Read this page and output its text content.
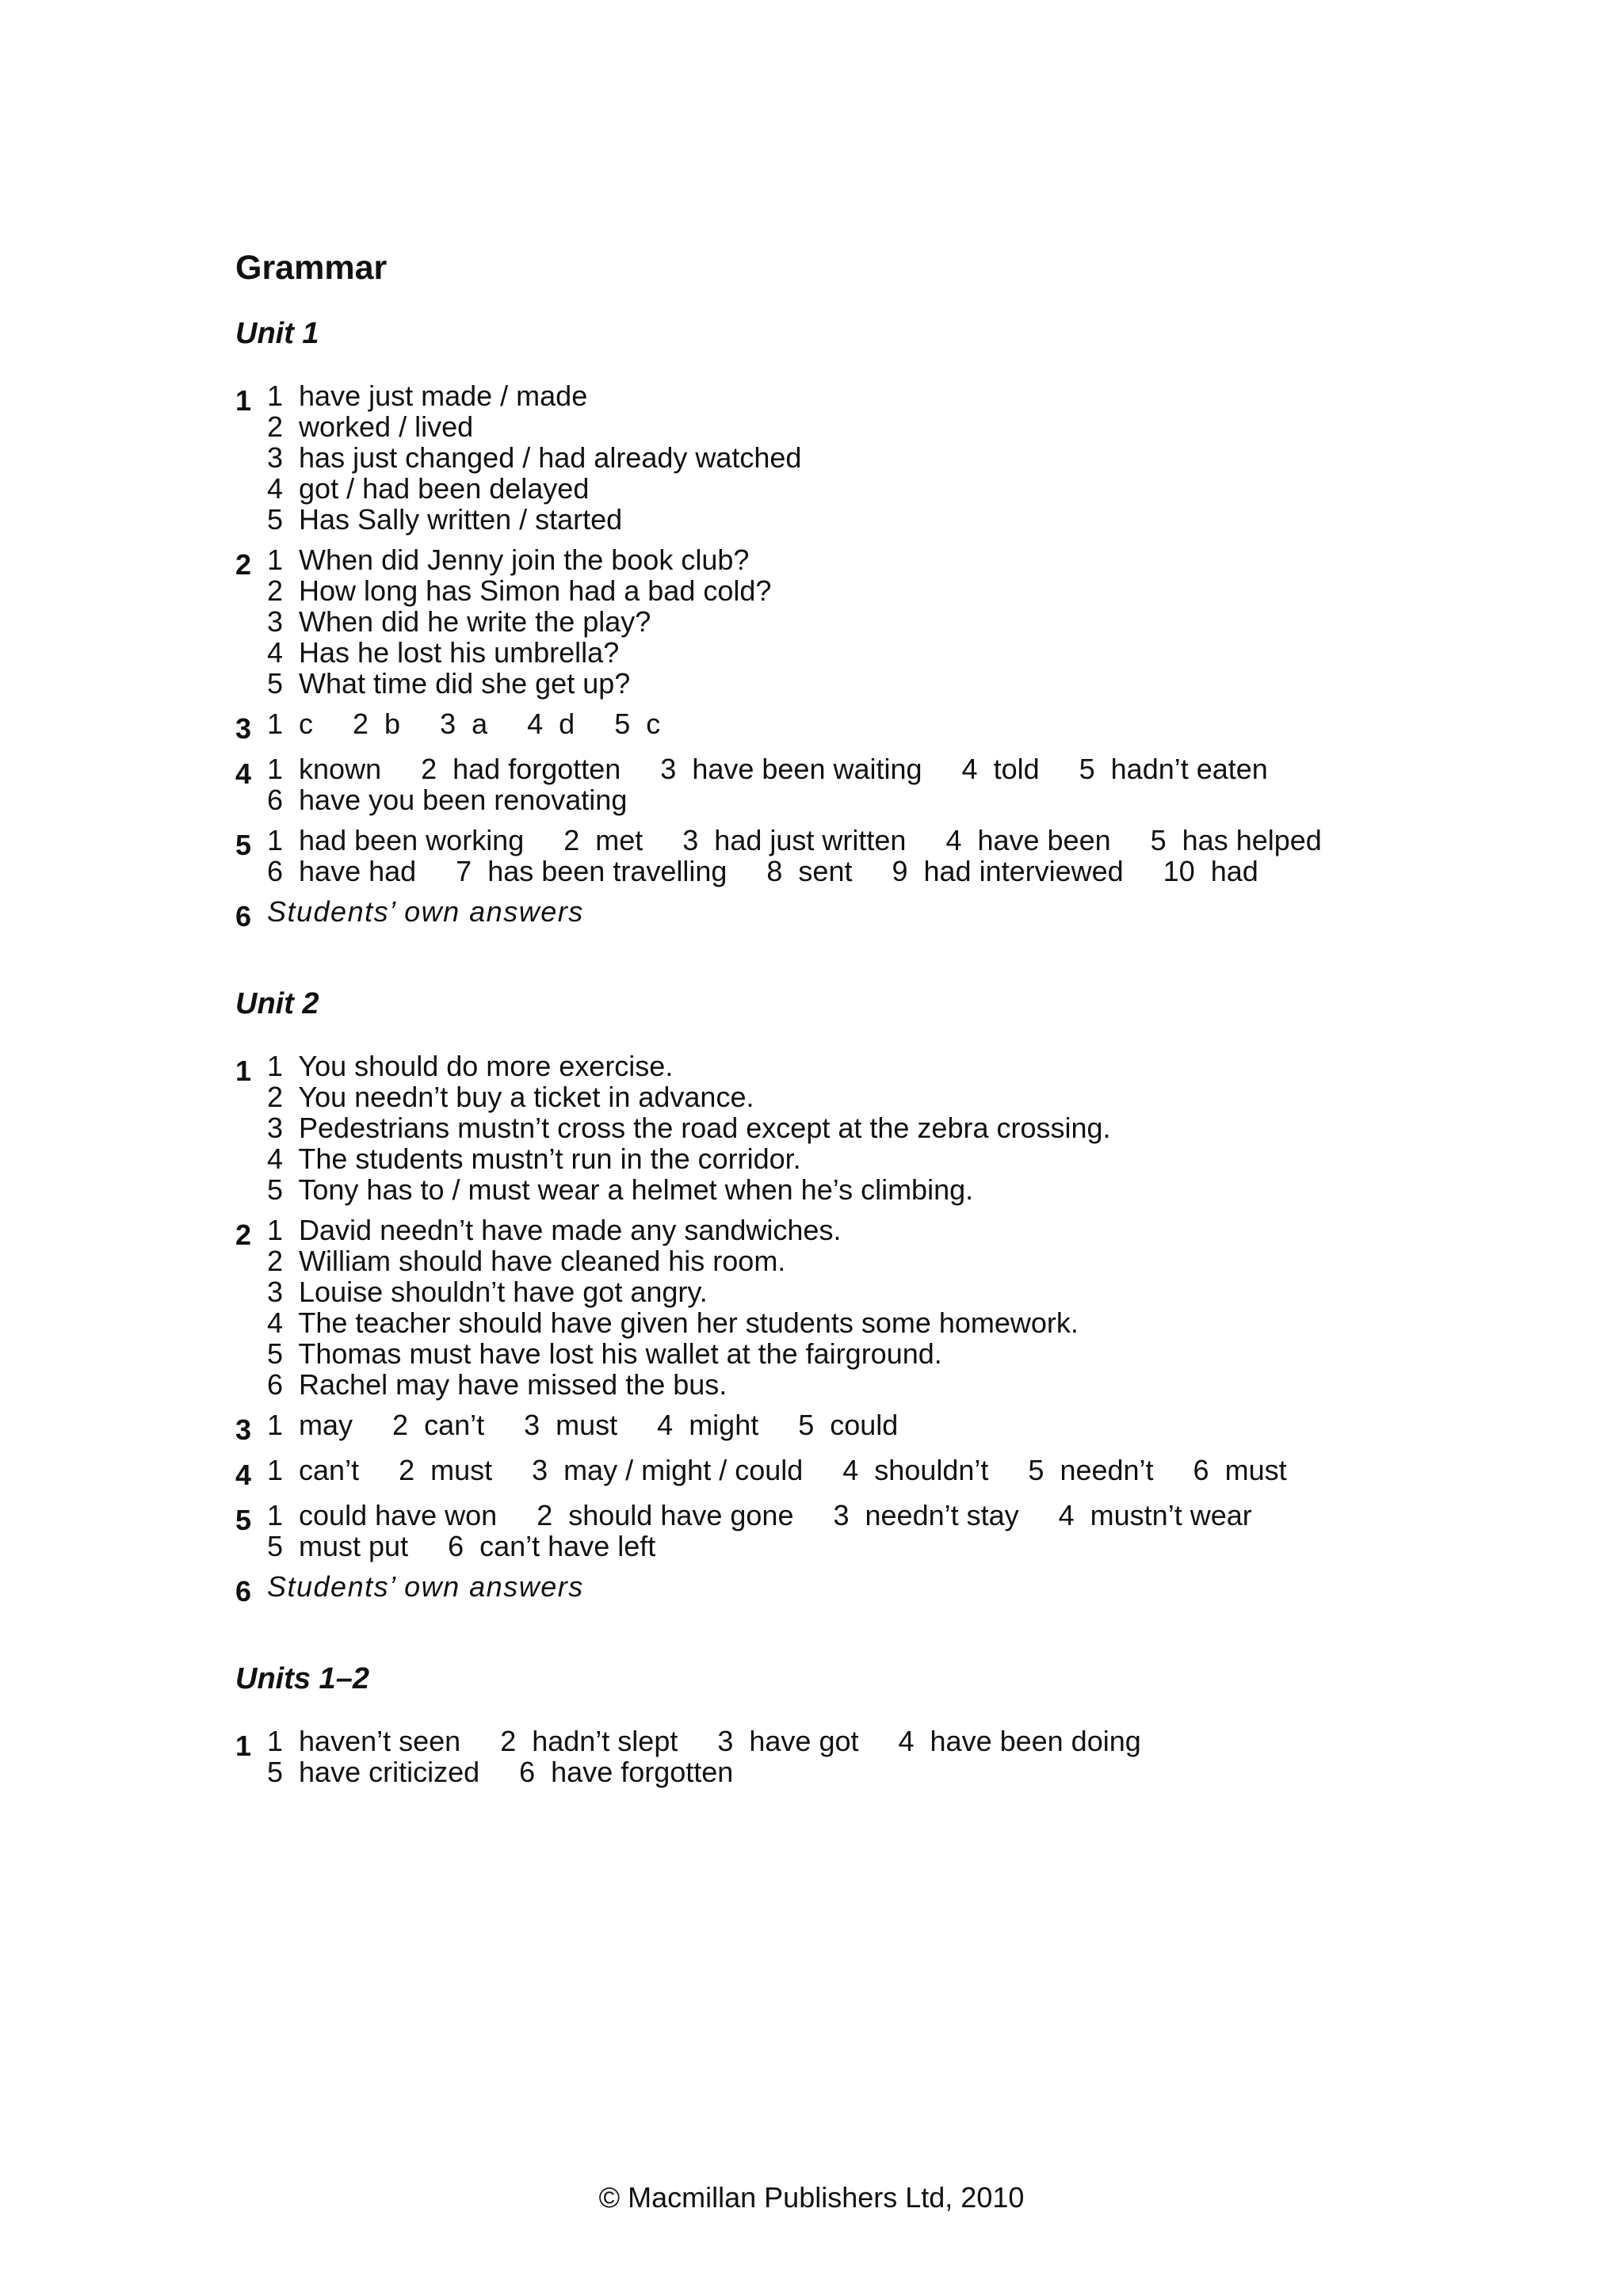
Grammar
Unit 1
1 1  have just made / made
2  worked / lived
3  has just changed / had already watched
4  got / had been delayed
5  Has Sally written / started
2 1  When did Jenny join the book club?
2  How long has Simon had a bad cold?
3  When did he write the play?
4  Has he lost his umbrella?
5  What time did she get up?
3 1  c     2  b     3  a     4  d     5  c
4 1  known     2  had forgotten     3  have been waiting     4  told     5  hadn’t eaten
6  have you been renovating
5 1  had been working     2  met     3  had just written     4  have been     5  has helped
6  have had     7  has been travelling     8  sent     9  had interviewed     10  had
6 Students’ own answers
Unit 2
1 1  You should do more exercise.
2  You needn’t buy a ticket in advance.
3  Pedestrians mustn’t cross the road except at the zebra crossing.
4  The students mustn’t run in the corridor.
5  Tony has to / must wear a helmet when he’s climbing.
2 1  David needn’t have made any sandwiches.
2  William should have cleaned his room.
3  Louise shouldn’t have got angry.
4  The teacher should have given her students some homework.
5  Thomas must have lost his wallet at the fairground.
6  Rachel may have missed the bus.
3 1  may     2  can’t     3  must     4  might     5  could
4 1  can’t     2  must     3  may / might / could     4  shouldn’t     5  needn’t     6  must
5 1  could have won     2  should have gone     3  needn’t stay     4  mustn’t wear
5  must put     6  can’t have left
6 Students’ own answers
Units 1–2
1 1  haven’t seen     2  hadn’t slept     3  have got     4  have been doing
5  have criticized     6  have forgotten
© Macmillan Publishers Ltd, 2010
